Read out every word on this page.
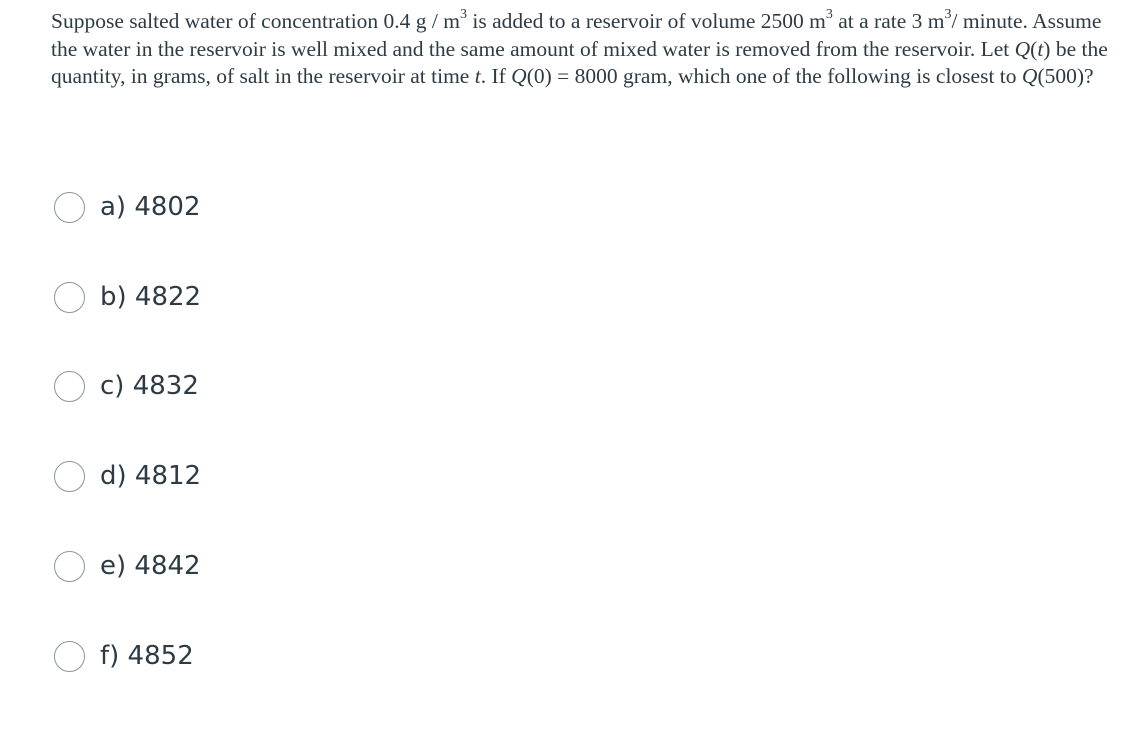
Suppose salted water of concentration 0.4 g / $m^3$ is added to a reservoir of volume 2500 $m^3$ at a rate 3 $m^3/$ minute. Assume the water in the reservoir is well mixed and the same amount of mixed water is removed from the reservoir. Let Q(t) be the quantity, in grams, of salt in the reservoir at time t. If Q(0) = 8000 gram, which one of the following is closest to Q(500)?
a) 4802
b) 4822
c) 4832
d) 4812
e) 4842
f) 4852
